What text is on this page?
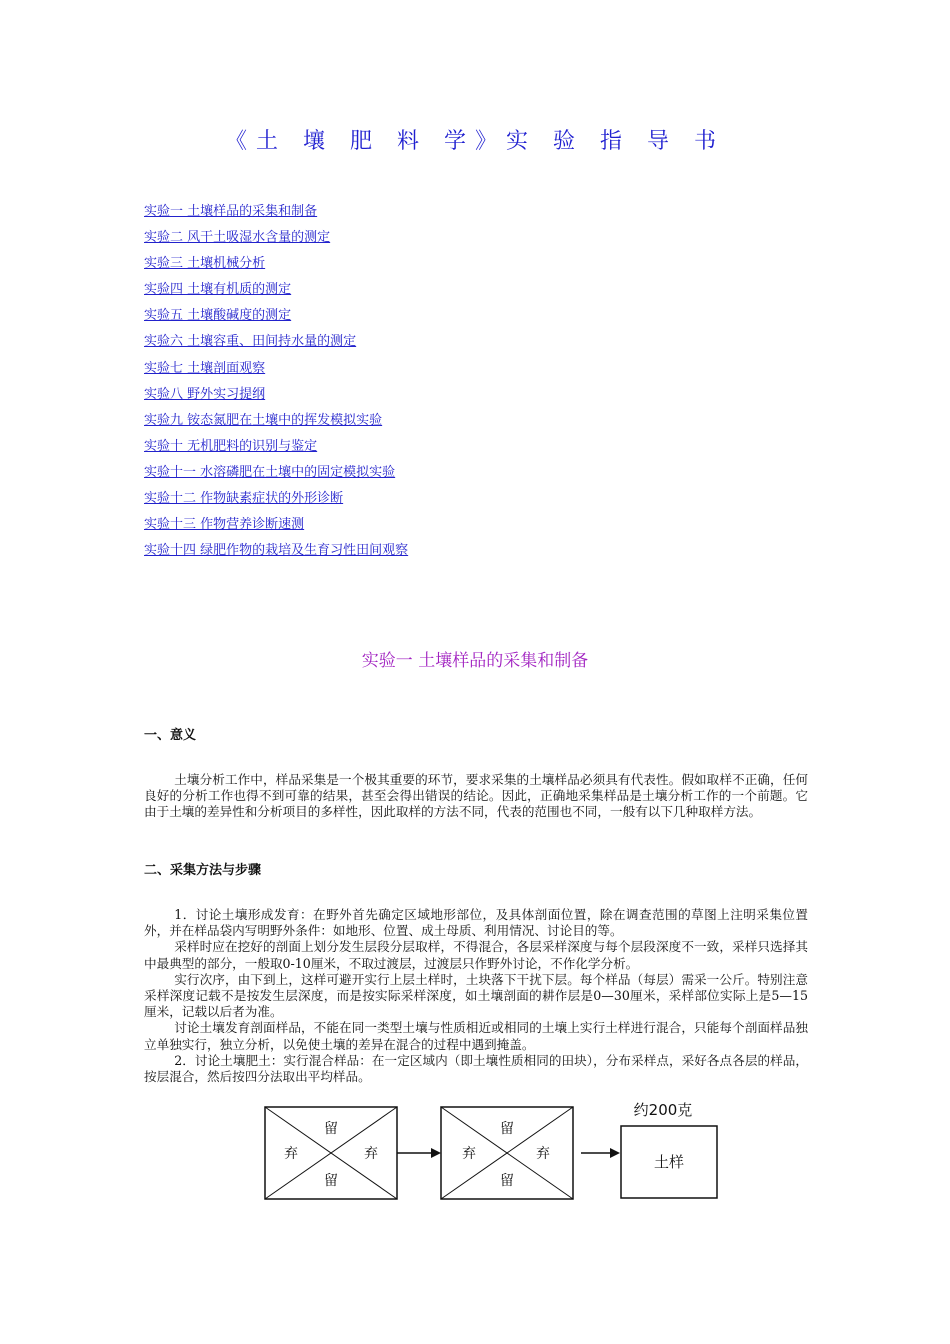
《土 壤 肥 料 学》实 验 指 导 书
实验一 土壤样品的采集和制备
实验二 风干土吸湿水含量的测定
实验三 土壤机械分析
实验四 土壤有机质的测定
实验五 土壤酸碱度的测定
实验六 土壤容重、田间持水量的测定
实验七 土壤剖面观察
实验八 野外实习提纲
实验九 铵态氮肥在土壤中的挥发模拟实验
实验十 无机肥料的识别与鉴定
实验十一 水溶磷肥在土壤中的固定模拟实验
实验十二 作物缺素症状的外形诊断
实验十三 作物营养诊断速测
实验十四 绿肥作物的栽培及生育习性田间观察
实验一 土壤样品的采集和制备
一、意义

土壤分析工作中，样品采集是一个极其重要的环节，要求采集的土壤样品必须具有代表性。假如取样不正确，任何良好的分析工作也得不到可靠的结果，甚至会得出错误的结论。因此，正确地采集样品是土壤分析工作的一个前题。它由于土壤的差异性和分析项目的多样性，因此取样的方法不同，代表的范围也不同，一般有以下几种取样方法。

二、采集方法与步骤

1．讨论土壤形成发育：在野外首先确定区域地形部位，及具体剖面位置，除在调查范围的草图上注明采集位置外，并在样品袋内写明野外条件：如地形、位置、成土母质、利用情况、讨论目的等。

采样时应在挖好的剖面上划分发生层段分层取样，不得混合，各层采样深度与每个层段深度不一致，采样只选择其中最典型的部分，一般取0-10厘米，不取过渡层，过渡层只作野外讨论，不作化学分析。

实行次序，由下到上，这样可避开实行上层土样时，土块落下干扰下层。每个样品（每层）需采一公斤。特别注意采样深度记载不是按发生层深度，而是按实际采样深度，如土壤剖面的耕作层是0—30厘米，采样部位实际上是5—15厘米，记载以后者为准。

讨论土壤发育剖面样品，不能在同一类型土壤与性质相近或相同的土壤上实行土样进行混合，只能每个剖面样品独立单独实行，独立分析，以免使土壤的差异在混合的过程中遇到掩盖。

2．讨论土壤肥土：实行混合样品：在一定区域内（即土壤性质相同的田块），分布采样点，采好各点各层的样品，按层混合，然后按四分法取出平均样品。

留
弃	弃
留
留
弃	弃
留
约200克
土样
